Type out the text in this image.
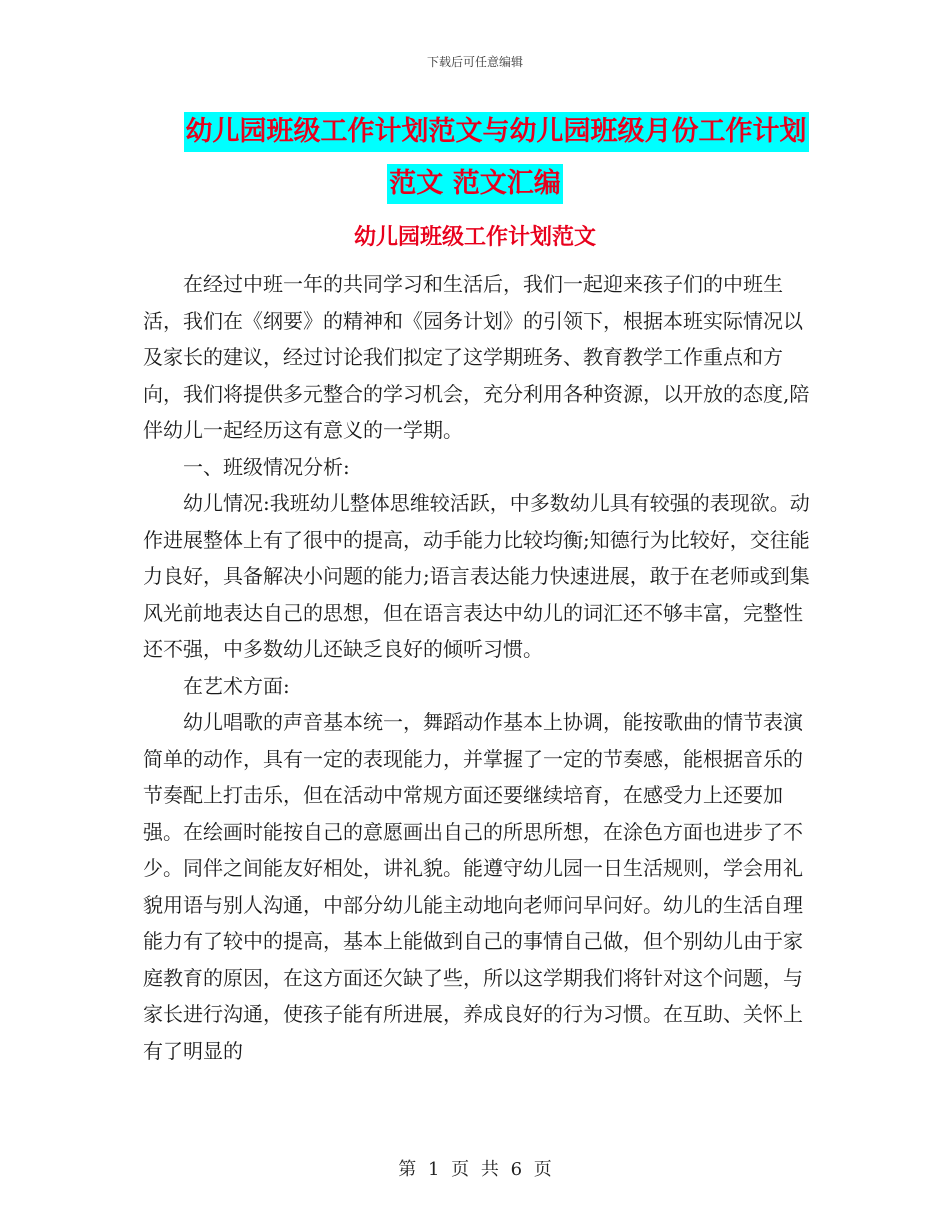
下载后可任意编辑
幼儿园班级工作计划范文与幼儿园班级月份工作计划
范文 范文汇编
幼儿园班级工作计划范文

在经过中班一年的共同学习和生活后，我们一起迎来孩子们的中班生活，我们在《纲要》的精神和《园务计划》的引领下，根据本班实际情况以及家长的建议，经过讨论我们拟定了这学期班务、教育教学工作重点和方向，我们将提供多元整合的学习机会，充分利用各种资源，以开放的态度,陪伴幼儿一起经历这有意义的一学期。

一、班级情况分析:

幼儿情况:我班幼儿整体思维较活跃，中多数幼儿具有较强的表现欲。动作进展整体上有了很中的提高，动手能力比较均衡;知德行为比较好，交往能力良好，具备解决小问题的能力;语言表达能力快速进展，敢于在老师或到集风光前地表达自己的思想，但在语言表达中幼儿的词汇还不够丰富，完整性还不强，中多数幼儿还缺乏良好的倾听习惯。

在艺术方面:

幼儿唱歌的声音基本统一，舞蹈动作基本上协调，能按歌曲的情节表演简单的动作，具有一定的表现能力，并掌握了一定的节奏感，能根据音乐的节奏配上打击乐，但在活动中常规方面还要继续培育，在感受力上还要加强。在绘画时能按自己的意愿画出自己的所思所想，在涂色方面也进步了不少。同伴之间能友好相处，讲礼貌。能遵守幼儿园一日生活规则，学会用礼貌用语与别人沟通，中部分幼儿能主动地向老师问早问好。幼儿的生活自理能力有了较中的提高，基本上能做到自己的事情自己做，但个别幼儿由于家庭教育的原因，在这方面还欠缺了些，所以这学期我们将针对这个问题，与家长进行沟通，使孩子能有所进展，养成良好的行为习惯。在互助、关怀上有了明显的

第 1 页 共 6 页
